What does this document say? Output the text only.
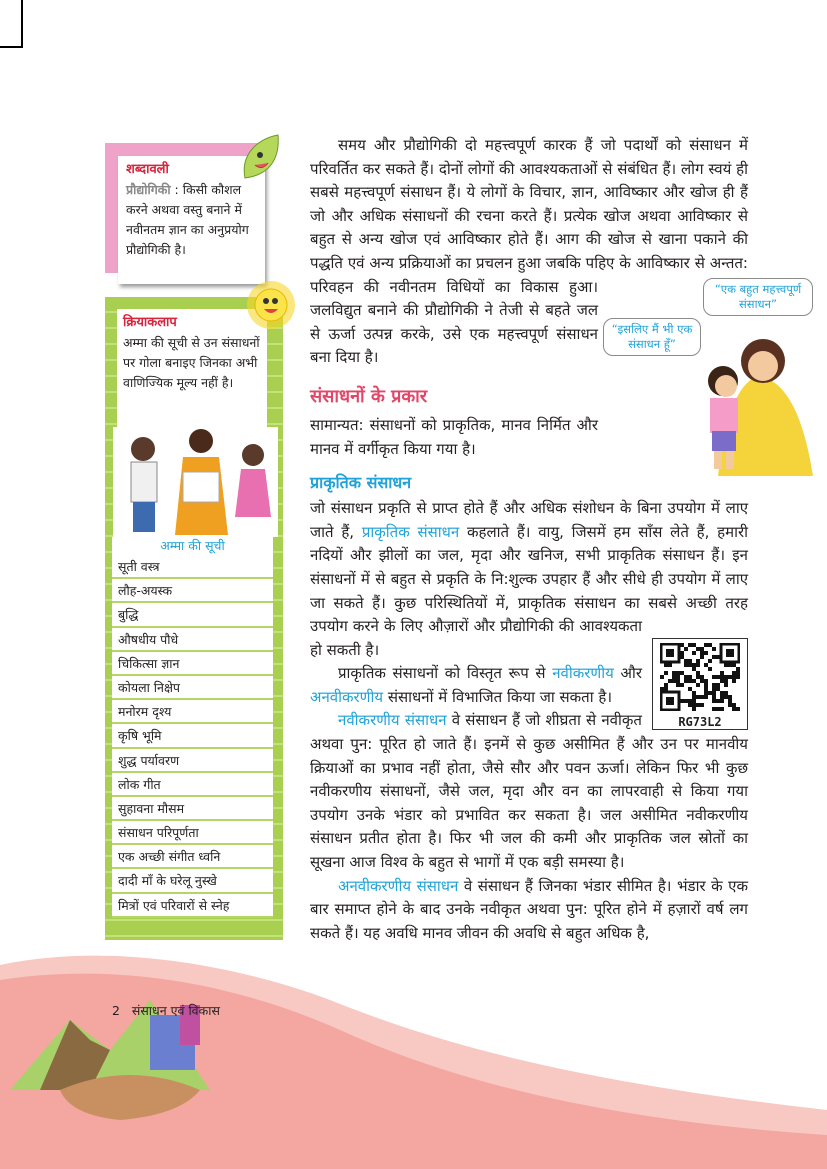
शब्दावली
प्रौद्योगिकी : किसी कौशल करने अथवा वस्तु बनाने में नवीनतम ज्ञान का अनुप्रयोग प्रौद्योगिकी है।
क्रियाकलाप
अम्मा की सूची से उन संसाधनों पर गोला बनाइए जिनका अभी वाणिज्यिक मूल्य नहीं है।
अम्मा की सूची
सूती वस्त्र
लौह-अयस्क
बुद्धि
औषधीय पौधे
चिकित्सा ज्ञान
कोयला निक्षेप
मनोरम दृश्य
कृषि भूमि
शुद्ध पर्यावरण
लोक गीत
सुहावना मौसम
संसाधन परिपूर्णता
एक अच्छी संगीत ध्वनि
दादी माँ के घरेलू नुस्खे
मित्रों एवं परिवारों से स्नेह
2 संसाधन एवं विकास
“एक बहुत महत्त्वपूर्ण संसाधन”
“इसलिए मैं भी एक संसाधन हूँ”

समय और प्रौद्योगिकी दो महत्त्वपूर्ण कारक हैं जो पदार्थों को संसाधन में परिवर्तित कर सकते हैं। दोनों लोगों की आवश्यकताओं से संबंधित हैं। लोग स्वयं ही सबसे महत्त्वपूर्ण संसाधन हैं। ये लोगों के विचार, ज्ञान, आविष्कार और खोज ही हैं जो और अधिक संसाधनों की रचना करते हैं। प्रत्येक खोज अथवा आविष्कार से बहुत से अन्य खोज एवं आविष्कार होते हैं। आग की खोज से खाना पकाने की पद्धति एवं अन्य प्रक्रियाओं का प्रचलन हुआ जबकि पहिए के आविष्कार से अन्तत: परिवहन की नवीनतम विधियों का विकास हुआ। जलविद्युत बनाने की प्रौद्योगिकी ने तेजी से बहते जल से ऊर्जा उत्पन्न करके, उसे एक महत्त्वपूर्ण संसाधन बना दिया है।

संसाधनों के प्रकार

सामान्यत: संसाधनों को प्राकृतिक, मानव निर्मित और मानव में वर्गीकृत किया गया है।

प्राकृतिक संसाधन
RG73L2

जो संसाधन प्रकृति से प्राप्त होते हैं और अधिक संशोधन के बिना उपयोग में लाए जाते हैं, प्राकृतिक संसाधन कहलाते हैं। वायु, जिसमें हम साँस लेते हैं, हमारी नदियों और झीलों का जल, मृदा और खनिज, सभी प्राकृतिक संसाधन हैं। इन संसाधनों में से बहुत से प्रकृति के नि:शुल्क उपहार हैं और सीधे ही उपयोग में लाए जा सकते हैं। कुछ परिस्थितियों में, प्राकृतिक संसाधन का सबसे अच्छी तरह उपयोग करने के लिए औज़ारों और प्रौद्योगिकी की आवश्यकता हो सकती है।

प्राकृतिक संसाधनों को विस्तृत रूप से नवीकरणीय और अनवीकरणीय संसाधनों में विभाजित किया जा सकता है।

नवीकरणीय संसाधन वे संसाधन हैं जो शीघ्रता से नवीकृत अथवा पुन: पूरित हो जाते हैं। इनमें से कुछ असीमित हैं और उन पर मानवीय क्रियाओं का प्रभाव नहीं होता, जैसे सौर और पवन ऊर्जा। लेकिन फिर भी कुछ नवीकरणीय संसाधनों, जैसे जल, मृदा और वन का लापरवाही से किया गया उपयोग उनके भंडार को प्रभावित कर सकता है। जल असीमित नवीकरणीय संसाधन प्रतीत होता है। फिर भी जल की कमी और प्राकृतिक जल स्रोतों का सूखना आज विश्व के बहुत से भागों में एक बड़ी समस्या है।

अनवीकरणीय संसाधन वे संसाधन हैं जिनका भंडार सीमित है। भंडार के एक बार समाप्त होने के बाद उनके नवीकृत अथवा पुन: पूरित होने में हज़ारों वर्ष लग सकते हैं। यह अवधि मानव जीवन की अवधि से बहुत अधिक है,
